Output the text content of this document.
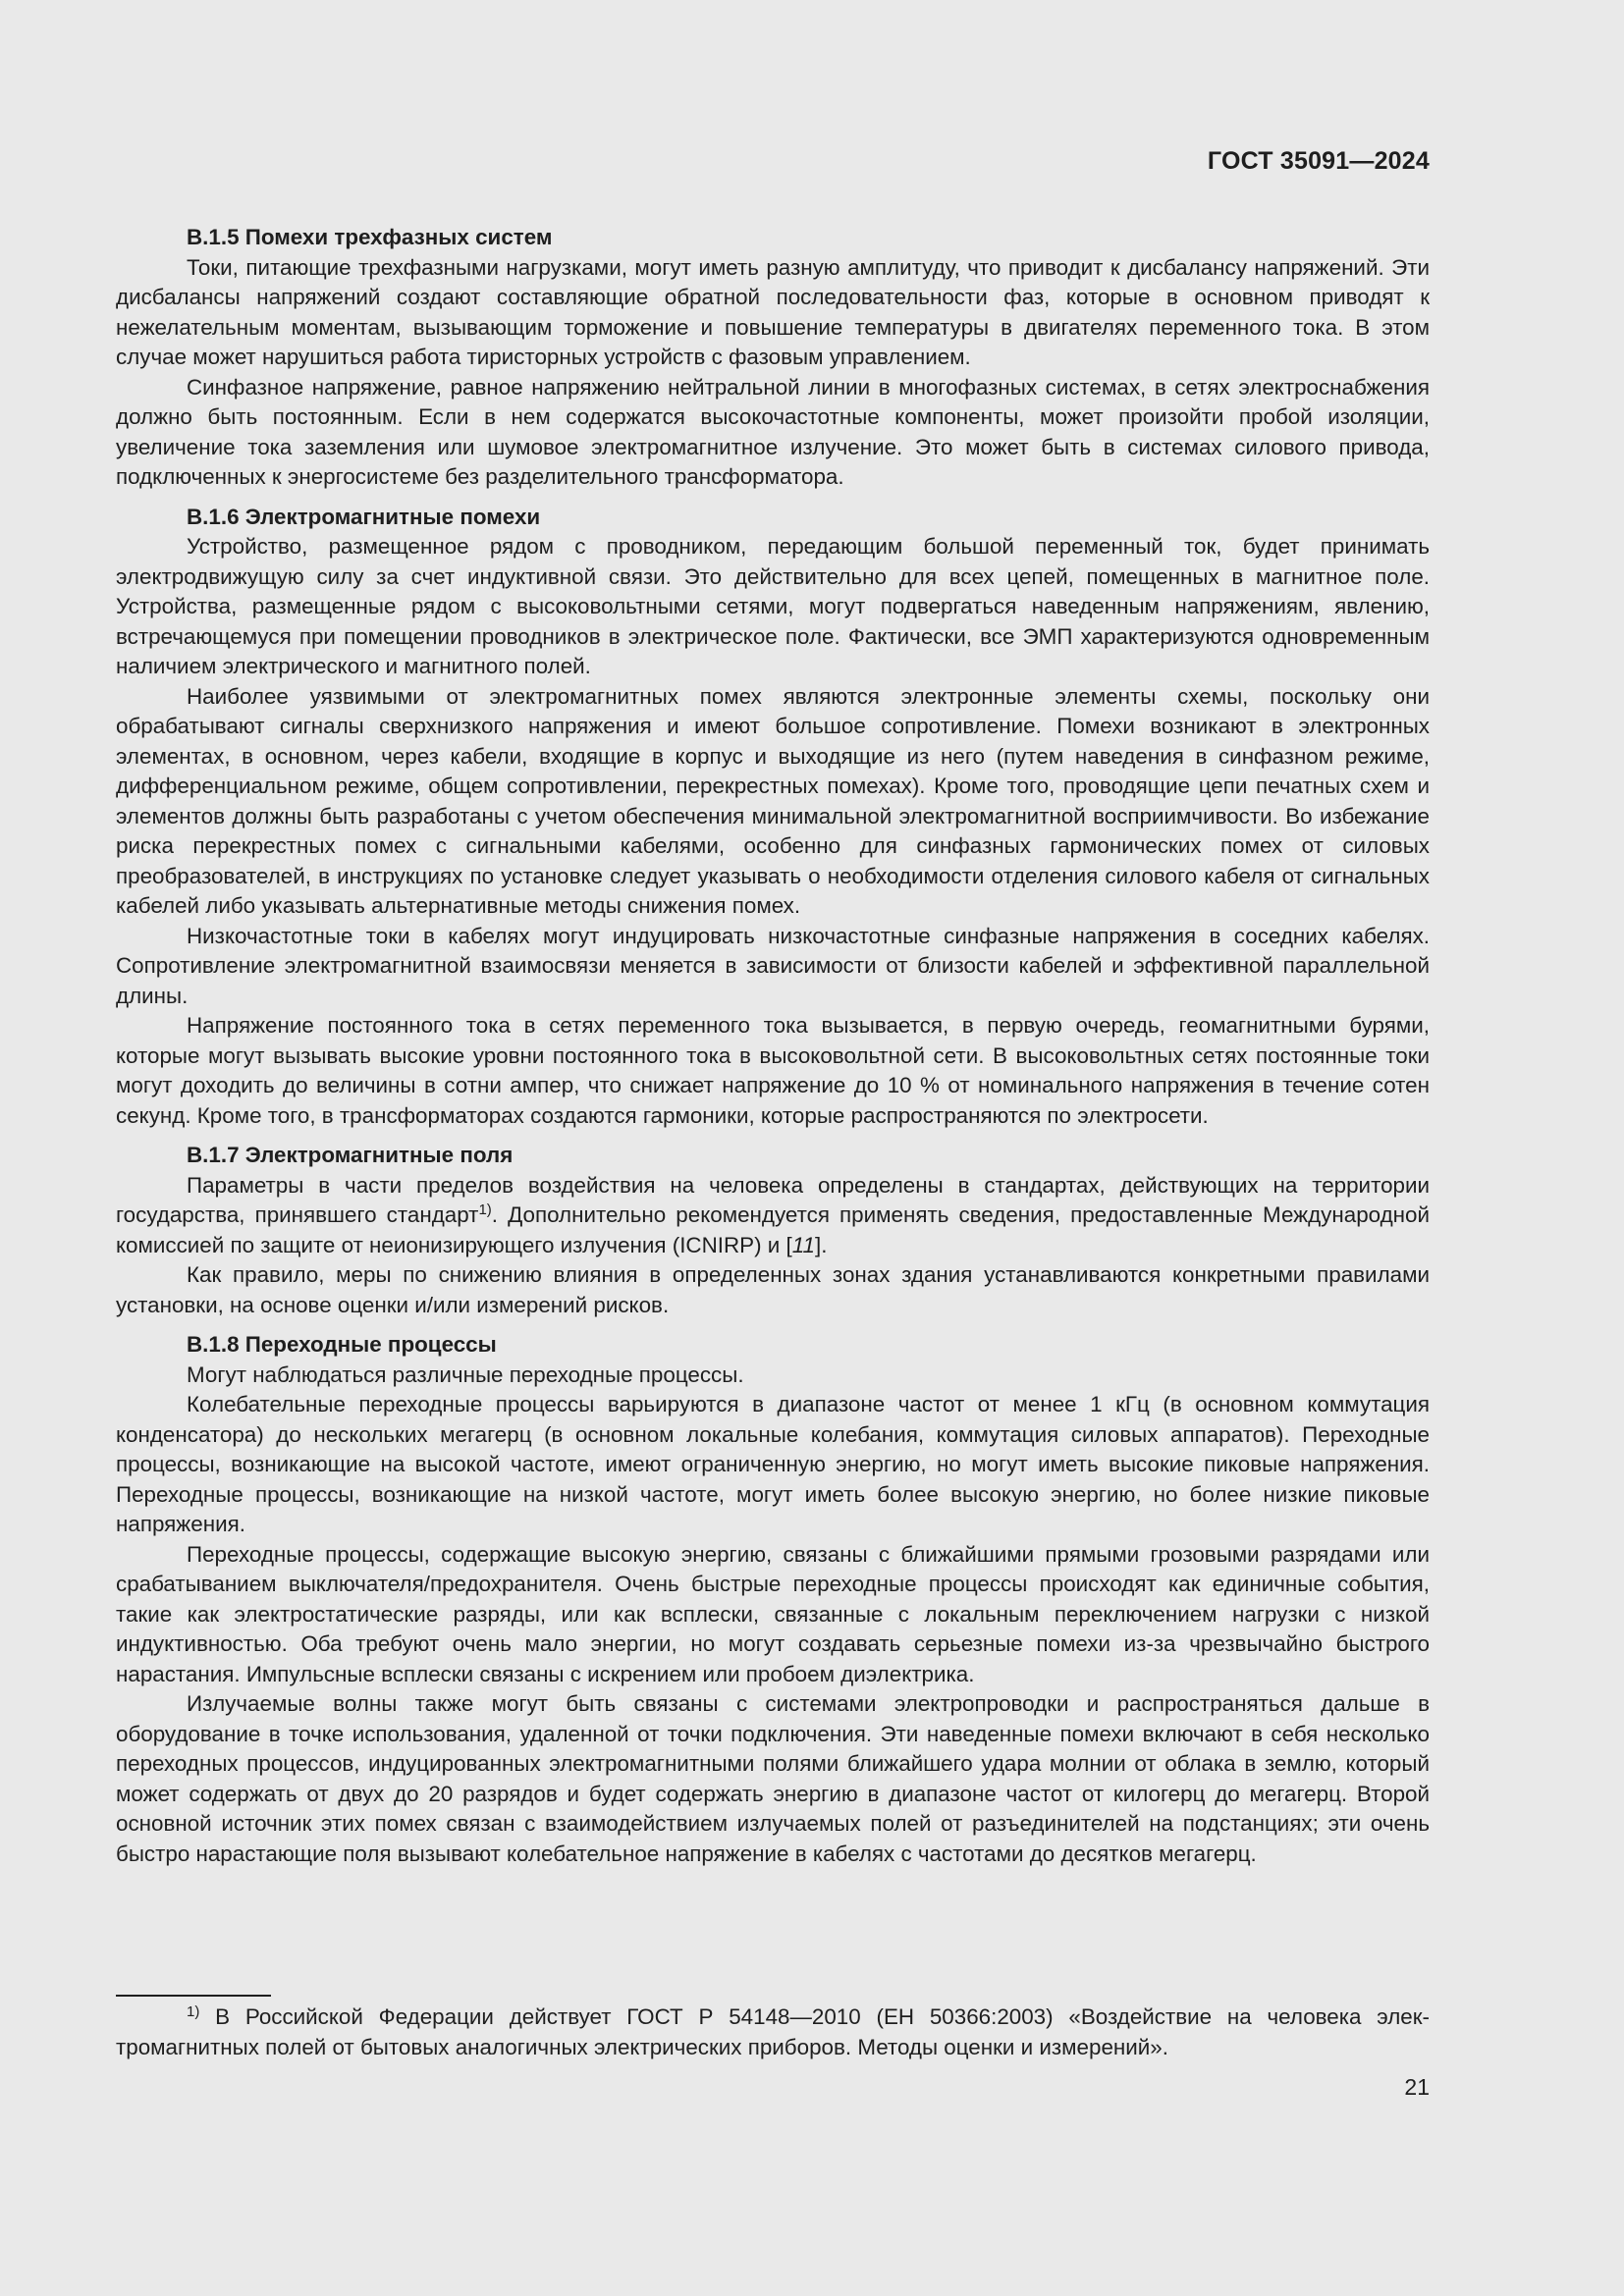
ГОСТ 35091—2024
В.1.5 Помехи трехфазных систем

Токи, питающие трехфазными нагрузками, могут иметь разную амплитуду, что приводит к дисбалансу напряжений. Эти дисбалансы напряжений создают составляющие обратной последовательности фаз, которые в основном приводят к нежелательным моментам, вызывающим торможение и повышение температуры в двигателях переменного тока. В этом случае может нарушиться работа тиристорных устройств с фазовым управлением.

Синфазное напряжение, равное напряжению нейтральной линии в многофазных системах, в сетях электроснабжения должно быть постоянным. Если в нем содержатся высокочастотные компоненты, может произойти пробой изоляции, увеличение тока заземления или шумовое электромагнитное излучение. Это может быть в системах силового привода, подключенных к энергосистеме без разделительного трансформатора.

В.1.6 Электромагнитные помехи

Устройство, размещенное рядом с проводником, передающим большой переменный ток, будет принимать электродвижущую силу за счет индуктивной связи. Это действительно для всех цепей, помещенных в магнитное поле. Устройства, размещенные рядом с высоковольтными сетями, могут подвергаться наведенным напряжениям, явлению, встречающемуся при помещении проводников в электрическое поле. Фактически, все ЭМП характеризуются одновременным наличием электрического и магнитного полей.

Наиболее уязвимыми от электромагнитных помех являются электронные элементы схемы, поскольку они обрабатывают сигналы сверхнизкого напряжения и имеют большое сопротивление. Помехи возникают в электронных элементах, в основном, через кабели, входящие в корпус и выходящие из него (путем наведения в синфазном режиме, дифференциальном режиме, общем сопротивлении, перекрестных помехах). Кроме того, проводящие цепи печатных схем и элементов должны быть разработаны с учетом обеспечения минимальной электромагнитной восприимчивости. Во избежание риска перекрестных помех с сигнальными кабелями, особенно для синфазных гармонических помех от силовых преобразователей, в инструкциях по установке следует указывать о необходимости отделения силового кабеля от сигнальных кабелей либо указывать альтернативные методы снижения помех.

Низкочастотные токи в кабелях могут индуцировать низкочастотные синфазные напряжения в соседних кабелях. Сопротивление электромагнитной взаимосвязи меняется в зависимости от близости кабелей и эффективной параллельной длины.

Напряжение постоянного тока в сетях переменного тока вызывается, в первую очередь, геомагнитными бурями, которые могут вызывать высокие уровни постоянного тока в высоковольтной сети. В высоковольтных сетях постоянные токи могут доходить до величины в сотни ампер, что снижает напряжение до 10 % от номинального напряжения в течение сотен секунд. Кроме того, в трансформаторах создаются гармоники, которые распространяются по электросети.

В.1.7 Электромагнитные поля

Параметры в части пределов воздействия на человека определены в стандартах, действующих на территории государства, принявшего стандарт$^{1)}$. Дополнительно рекомендуется применять сведения, предоставленные Международной комиссией по защите от неионизирующего излучения (ICNIRP) и [11].

Как правило, меры по снижению влияния в определенных зонах здания устанавливаются конкретными правилами установки, на основе оценки и/или измерений рисков.

В.1.8 Переходные процессы

Могут наблюдаться различные переходные процессы.

Колебательные переходные процессы варьируются в диапазоне частот от менее 1 кГц (в основном коммутация конденсатора) до нескольких мегагерц (в основном локальные колебания, коммутация силовых аппаратов). Переходные процессы, возникающие на высокой частоте, имеют ограниченную энергию, но могут иметь высокие пиковые напряжения. Переходные процессы, возникающие на низкой частоте, могут иметь более высокую энергию, но более низкие пиковые напряжения.

Переходные процессы, содержащие высокую энергию, связаны с ближайшими прямыми грозовыми разрядами или срабатыванием выключателя/предохранителя. Очень быстрые переходные процессы происходят как единичные события, такие как электростатические разряды, или как всплески, связанные с локальным переключением нагрузки с низкой индуктивностью. Оба требуют очень мало энергии, но могут создавать серьезные помехи из-за чрезвычайно быстрого нарастания. Импульсные всплески связаны с искрением или пробоем диэлектрика.

Излучаемые волны также могут быть связаны с системами электропроводки и распространяться дальше в оборудование в точке использования, удаленной от точки подключения. Эти наведенные помехи включают в себя несколько переходных процессов, индуцированных электромагнитными полями ближайшего удара молнии от облака в землю, который может содержать от двух до 20 разрядов и будет содержать энергию в диапазоне частот от килогерц до мегагерц. Второй основной источник этих помех связан с взаимодействием излучаемых полей от разъединителей на подстанциях; эти очень быстро нарастающие поля вызывают колебательное напряжение в кабелях с частотами до десятков мегагерц.

$^{1)}$ В Российской Федерации действует ГОСТ Р 54148—2010 (ЕН 50366:2003) «Воздействие на человека электромагнитных полей от бытовых аналогичных электрических приборов. Методы оценки и измерений».

21
